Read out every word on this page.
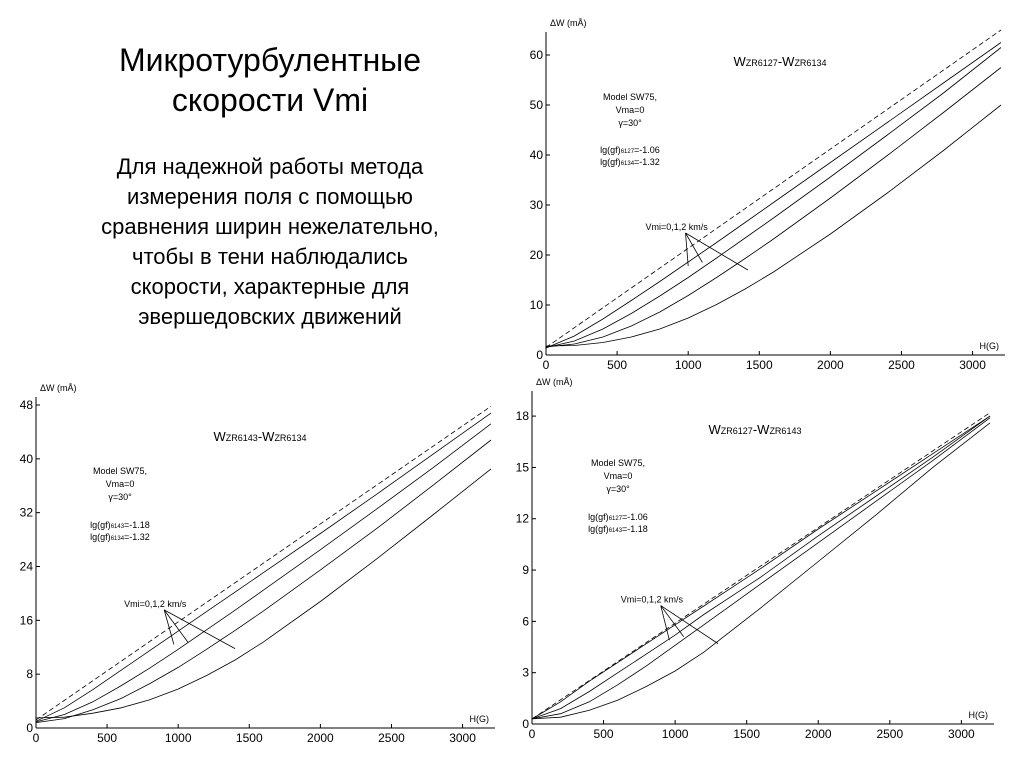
Микротурбулентные
скорости Vmi
Для надежной работы метода
измерения поля с помощью
сравнения ширин нежелательно,
чтобы в тени наблюдались
скорости, характерные для
эвершедовских движений
0	500	1000	1500	2000	2500	3000
0
10
20
30
40
50
60
ΔW (mÅ)
H(G)
WZR6127-WZR6134
Model SW75,
Vma=0
γ=30°
lg(gf)6127=-1.06
lg(gf)6134=-1.32
Vmi=0,1,2 km/s
0	500	1000	1500	2000	2500	3000
0
8
16
24
32
40
48
ΔW (mÅ)
H(G)
WZR6143-WZR6134
Model SW75,
Vma=0
γ=30°
lg(gf)6143=-1.18
lg(gf)6134=-1.32
Vmi=0,1,2 km/s
0	500	1000	1500	2000	2500	3000
0
3
6
9
12
15
18
ΔW (mÅ)
H(G)
WZR6127-WZR6143
Model SW75,
Vma=0
γ=30°
lg(gf)6127=-1.06
lg(gf)6143=-1.18
Vmi=0,1,2 km/s
